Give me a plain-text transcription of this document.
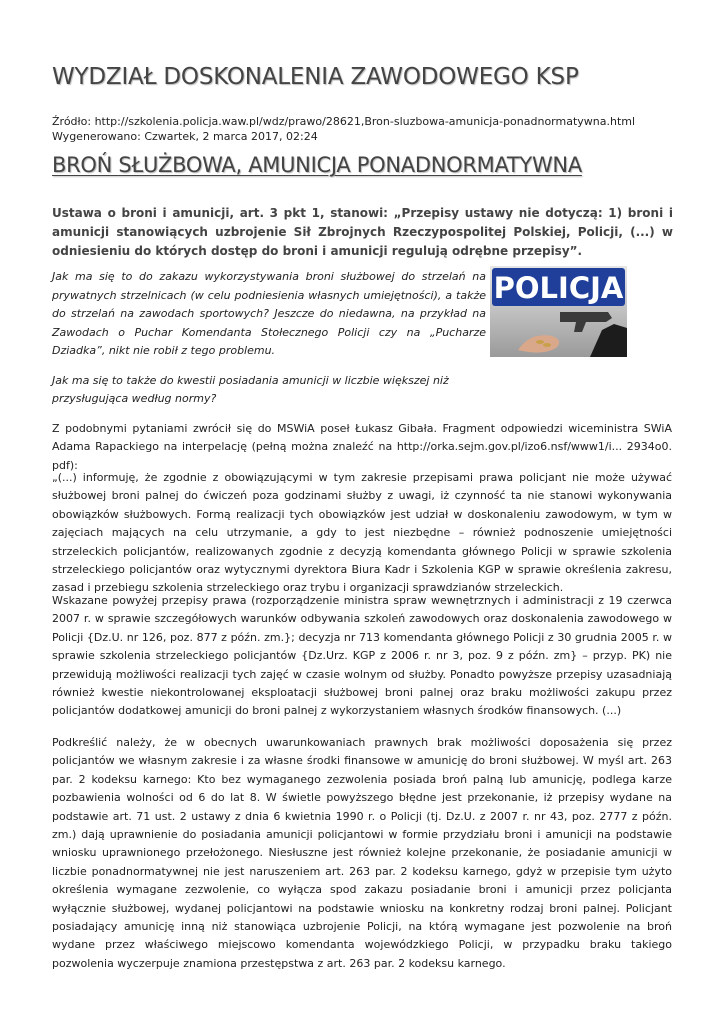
WYDZIAŁ DOSKONALENIA ZAWODOWEGO KSP
Źródło: http://szkolenia.policja.waw.pl/wdz/prawo/28621,Bron-sluzbowa-amunicja-ponadnormatywna.html
Wygenerowano: Czwartek, 2 marca 2017, 02:24
BROŃ SŁUŻBOWA, AMUNICJA PONADNORMATYWNA

Ustawa o broni i amunicji, art. 3 pkt 1, stanowi: „Przepisy ustawy nie dotyczą: 1) broni i amunicji stanowiących uzbrojenie Sił Zbrojnych Rzeczypospolitej Polskiej, Policji, (...) w odniesieniu do których dostęp do broni i amunicji regulują odrębne przepisy”.

Jak ma się to do zakazu wykorzystywania broni służbowej do strzelań na prywatnych strzelnicach (w celu podniesienia własnych umiejętności), a także do strzelań na zawodach sportowych? Jeszcze do niedawna, na przykład na Zawodach o Puchar Komendanta Stołecznego Policji czy na „Pucharze Dziadka”, nikt nie robił z tego problemu.

POLICJA

Jak ma się to także do kwestii posiadania amunicji w liczbie większej niż przysługująca według normy?

Z podobnymi pytaniami zwrócił się do MSWiA poseł Łukasz Gibała. Fragment odpowiedzi wiceministra SWiA Adama Rapackiego na interpelację (pełną można znaleźć na http://orka.sejm.gov.pl/izo6.nsf/www1/i... 2934o0. pdf):

„(...) informuję, że zgodnie z obowiązującymi w tym zakresie przepisami prawa policjant nie może używać służbowej broni palnej do ćwiczeń poza godzinami służby z uwagi, iż czynność ta nie stanowi wykonywania obowiązków służbowych. Formą realizacji tych obowiązków jest udział w doskonaleniu zawodowym, w tym w zajęciach mających na celu utrzymanie, a gdy to jest niezbędne – również podnoszenie umiejętności strzeleckich policjantów, realizowanych zgodnie z decyzją komendanta głównego Policji w sprawie szkolenia strzeleckiego policjantów oraz wytycznymi dyrektora Biura Kadr i Szkolenia KGP w sprawie określenia zakresu, zasad i przebiegu szkolenia strzeleckiego oraz trybu i organizacji sprawdzianów strzeleckich.

Wskazane powyżej przepisy prawa (rozporządzenie ministra spraw wewnętrznych i administracji z 19 czerwca 2007 r. w sprawie szczegółowych warunków odbywania szkoleń zawodowych oraz doskonalenia zawodowego w Policji {Dz.U. nr 126, poz. 877 z późn. zm.}; decyzja nr 713 komendanta głównego Policji z 30 grudnia 2005 r. w sprawie szkolenia strzeleckiego policjantów {Dz.Urz. KGP z 2006 r. nr 3, poz. 9 z późn. zm} – przyp. PK) nie przewidują możliwości realizacji tych zajęć w czasie wolnym od służby. Ponadto powyższe przepisy uzasadniają również kwestie niekontrolowanej eksploatacji służbowej broni palnej oraz braku możliwości zakupu przez policjantów dodatkowej amunicji do broni palnej z wykorzystaniem własnych środków finansowych. (...)

Podkreślić należy, że w obecnych uwarunkowaniach prawnych brak możliwości doposażenia się przez policjantów we własnym zakresie i za własne środki finansowe w amunicję do broni służbowej. W myśl art. 263 par. 2 kodeksu karnego: Kto bez wymaganego zezwolenia posiada broń palną lub amunicję, podlega karze pozbawienia wolności od 6 do lat 8. W świetle powyższego błędne jest przekonanie, iż przepisy wydane na podstawie art. 71 ust. 2 ustawy z dnia 6 kwietnia 1990 r. o Policji (tj. Dz.U. z 2007 r. nr 43, poz. 2777 z późn. zm.) dają uprawnienie do posiadania amunicji policjantowi w formie przydziału broni i amunicji na podstawie wniosku uprawnionego przełożonego. Niesłuszne jest również kolejne przekonanie, że posiadanie amunicji w liczbie ponadnormatywnej nie jest naruszeniem art. 263 par. 2 kodeksu karnego, gdyż w przepisie tym użyto określenia wymagane zezwolenie, co wyłącza spod zakazu posiadanie broni i amunicji przez policjanta wyłącznie służbowej, wydanej policjantowi na podstawie wniosku na konkretny rodzaj broni palnej. Policjant posiadający amunicję inną niż stanowiąca uzbrojenie Policji, na którą wymagane jest pozwolenie na broń wydane przez właściwego miejscowo komendanta wojewódzkiego Policji, w przypadku braku takiego pozwolenia wyczerpuje znamiona przestępstwa z art. 263 par. 2 kodeksu karnego.
